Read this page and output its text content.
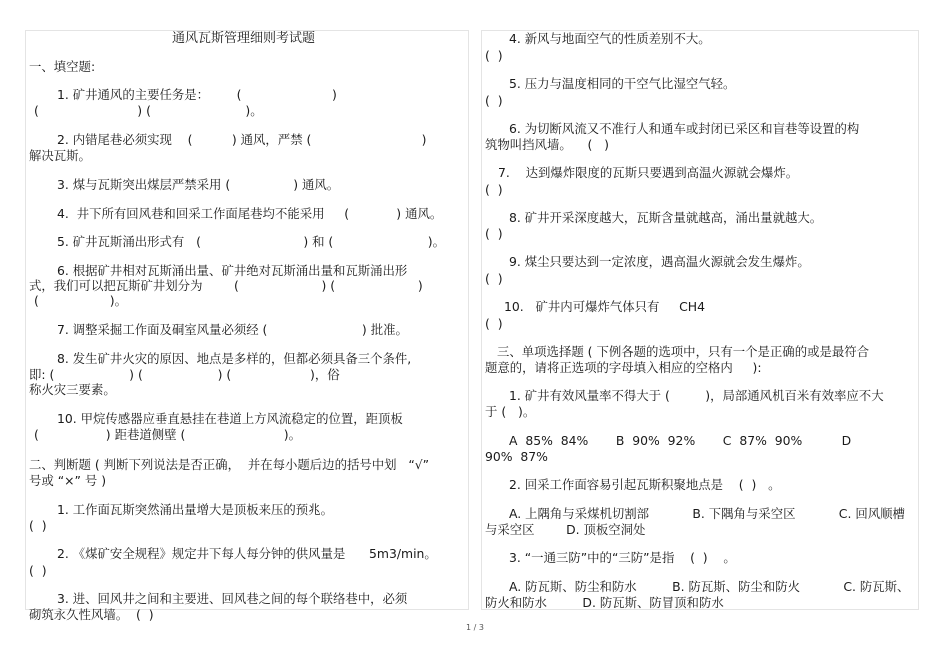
通风瓦斯管理细则考试题
一、填空题:
1. 矿井通风的主要任务是：       (                       )
(                         ) (                        )。
2. 内错尾巷必须实现    (          ) 通风，严禁 (                            )
解决瓦斯。
3. 煤与瓦斯突出煤层严禁采用 (                ) 通风。
4.  井下所有回风巷和回采工作面尾巷均不能采用     (            ) 通风。
5. 矿井瓦斯涌出形式有   (                          ) 和 (                        )。
6. 根据矿井相对瓦斯涌出量、矿井绝对瓦斯涌出量和瓦斯涌出形
式，我们可以把瓦斯矿井划分为        (                     ) (                     )
(                  )。
7. 调整采掘工作面及硐室风量必须经 (                        ) 批准。
8. 发生矿井火灾的原因、地点是多样的，但都必须具备三个条件,
即: (                   ) (                   ) (                    )，俗
称火灾三要素。
10. 甲烷传感器应垂直悬挂在巷道上方风流稳定的位置，距顶板
(                 ) 距巷道侧壁 (                         )。
二、判断题 ( 判断下列说法是否正确，  并在每小题后边的括号中划   “√”
号或 “×” 号 )
1. 工作面瓦斯突然涌出量增大是顶板来压的预兆。
(  )
2. 《煤矿安全规程》规定井下每人每分钟的供风量是      5m3/min。
(  )
3. 进、回风井之间和主要进、回风巷之间的每个联络巷中，必须
砌筑永久性风墙。  (  )
4. 新风与地面空气的性质差别不大。
(  )
5. 压力与温度相同的干空气比湿空气轻。
(  )
6. 为切断风流又不准行人和通车或封闭已采区和盲巷等设置的构
筑物叫挡风墙。    (   )
7.    达到爆炸限度的瓦斯只要遇到高温火源就会爆炸。
(  )
8. 矿井开采深度越大，瓦斯含量就越高，涌出量就越大。
(  )
9. 煤尘只要达到一定浓度，遇高温火源就会发生爆炸。
(  )
10.   矿井内可爆炸气体只有     CH4
(  )
三、单项选择题 ( 下例各题的选项中，只有一个是正确的或是最符合
题意的，请将正选项的字母填入相应的空格内     ):
1. 矿井有效风量率不得大于 (         )，局部通风机百米有效率应不大
于 (   )。
A  85%  84%       B  90%  92%       C  87%  90%          D
90%  87%
2. 回采工作面容易引起瓦斯积聚地点是    (  )   。
A. 上隅角与采煤机切割部           B. 下隅角与采空区           C. 回风顺槽
与采空区        D. 顶板空洞处
3. “一通三防”中的“三防”是指    (  )    。
A. 防瓦斯、防尘和防水         B. 防瓦斯、防尘和防火           C. 防瓦斯、
防火和防水         D. 防瓦斯、防冒顶和防水
1 / 3
